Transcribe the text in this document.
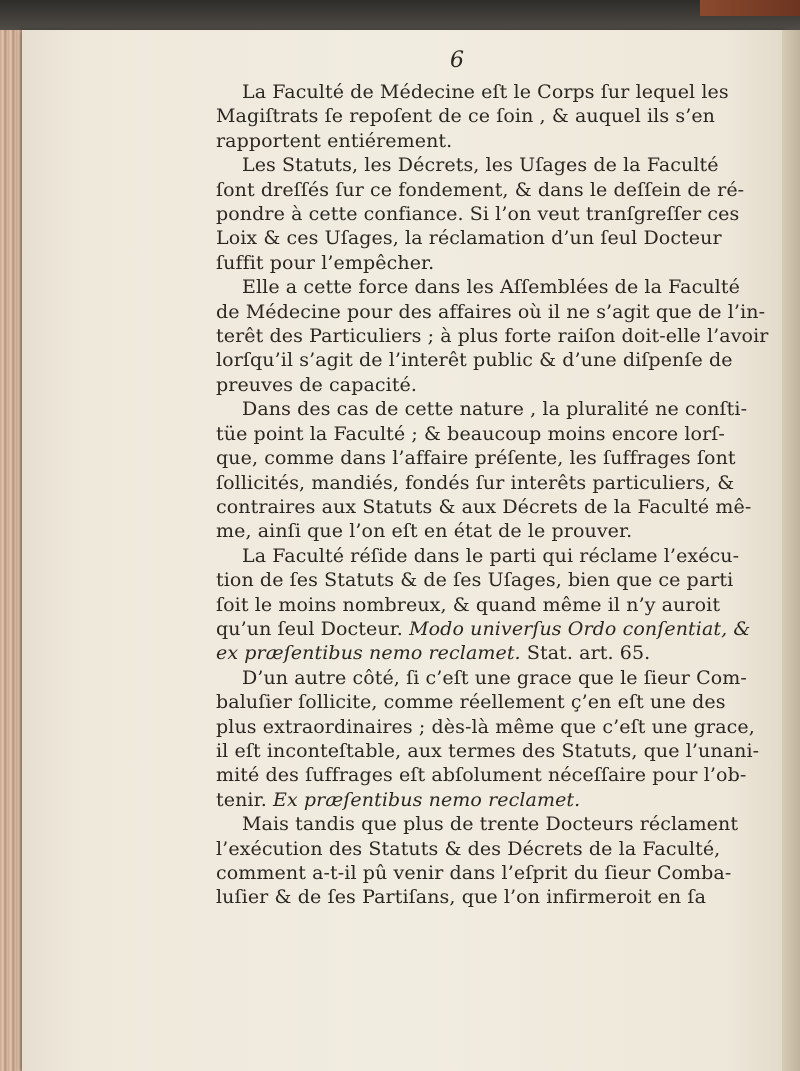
6

La Faculté de Médecine eſt le Corps ſur lequel les
Magiſtrats ſe repoſent de ce ſoin , & auquel ils s’en
rapportent entiérement.

Les Statuts, les Décrets, les Uſages de la Faculté
ſont dreſſés ſur ce fondement, & dans le deſſein de ré-
pondre à cette confiance. Si l’on veut tranſgreſſer ces
Loix & ces Uſages, la réclamation d’un ſeul Docteur
ſuffit pour l’empêcher.

Elle a cette force dans les Aſſemblées de la Faculté
de Médecine pour des affaires où il ne s’agit que de l’in-
terêt des Particuliers ; à plus forte raiſon doit-elle l’avoir
lorſqu’il s’agit de l’interêt public & d’une diſpenſe de
preuves de capacité.

Dans des cas de cette nature , la pluralité ne conſti-
tüe point la Faculté ; & beaucoup moins encore lorſ-
que, comme dans l’affaire préſente, les ſuffrages ſont
ſollicités, mandiés, fondés ſur interêts particuliers, &
contraires aux Statuts & aux Décrets de la Faculté mê-
me, ainſi que l’on eſt en état de le prouver.

La Faculté réſide dans le parti qui réclame l’exécu-
tion de ſes Statuts & de ſes Uſages, bien que ce parti
ſoit le moins nombreux, & quand même il n’y auroit
qu’un ſeul Docteur. Modo univerſus Ordo conſentiat, &
ex præſentibus nemo reclamet. Stat. art. 65.

D’un autre côté, ſi c’eſt une grace que le ſieur Com-
baluſier ſollicite, comme réellement ç’en eſt une des
plus extraordinaires ; dès-là même que c’eſt une grace,
il eſt inconteſtable, aux termes des Statuts, que l’unani-
mité des ſuffrages eſt abſolument néceſſaire pour l’ob-
tenir. Ex præſentibus nemo reclamet.

Mais tandis que plus de trente Docteurs réclament
l’exécution des Statuts & des Décrets de la Faculté,
comment a-t-il pû venir dans l’eſprit du ſieur Comba-
luſier & de ſes Partiſans, que l’on infirmeroit en ſa
